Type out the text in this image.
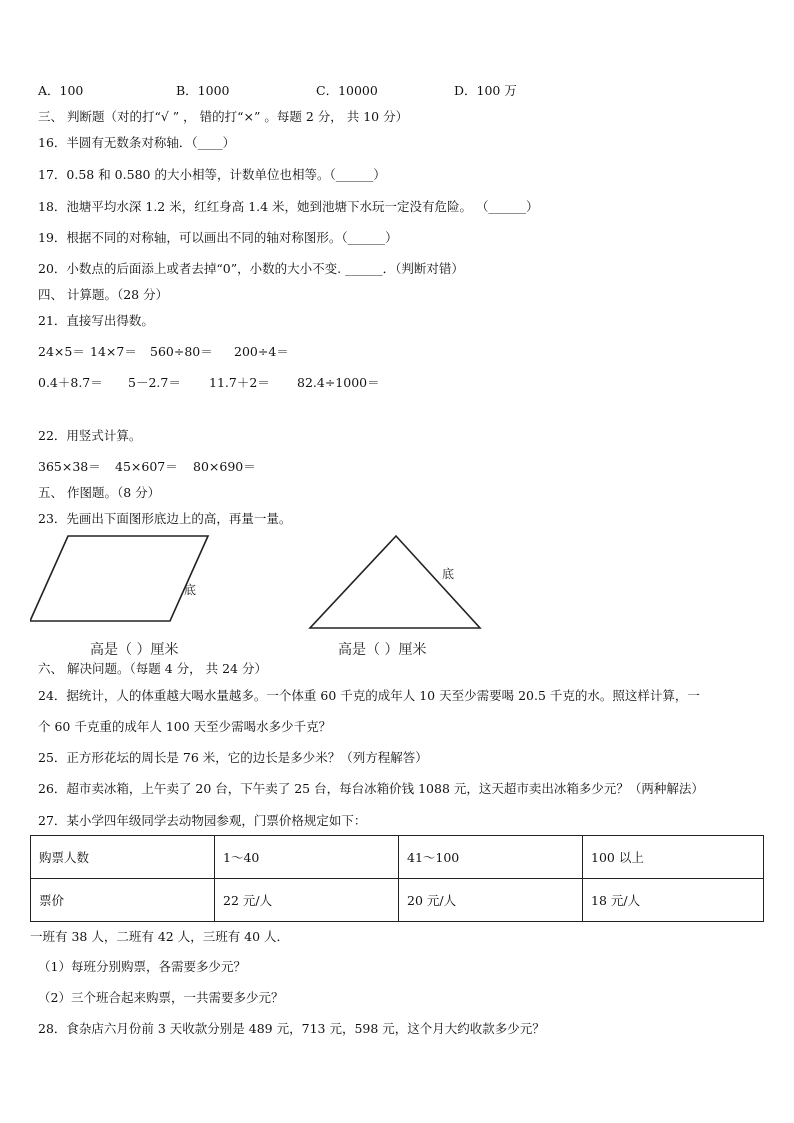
A．100	B．1000	C．10000	D．100 万
三、 判断题（对的打“√ ” ， 错的打“×” 。每题 2 分， 共 10 分）
16．半圆有无数条对称轴．（____）
17．0.58 和 0.580 的大小相等，计数单位也相等。（______）
18．池塘平均水深 1.2 米，红红身高 1.4 米，她到池塘下水玩一定没有危险。 （______）
19．根据不同的对称轴，可以画出不同的轴对称图形。（______）
20．小数点的后面添上或者去掉“0”，小数的大小不变. ______．（判断对错）
四、 计算题。（28 分）
21．直接写出得数。
24×5＝ 14×7＝ 560÷80＝ 200÷4＝
0.4＋8.7＝ 5－2.7＝ 11.7＋2＝ 82.4÷1000＝
22．用竖式计算。
365×38＝ 45×607＝ 80×690＝
五、 作图题。（8 分）
23．先画出下面图形底边上的高，再量一量。
底
高是（ ）厘米
底
高是（ ）厘米
六、 解决问题。（每题 4 分， 共 24 分）
24．据统计，人的体重越大喝水量越多。一个体重 60 千克的成年人 10 天至少需要喝 20.5 千克的水。照这样计算，一
个 60 千克重的成年人 100 天至少需喝水多少千克？
25．正方形花坛的周长是 76 米，它的边长是多少米？（列方程解答）
26．超市卖冰箱，上午卖了 20 台，下午卖了 25 台，每台冰箱价钱 1088 元，这天超市卖出冰箱多少元？（两种解法）
27．某小学四年级同学去动物园参观，门票价格规定如下：
购票人数	1～40	41～100	100 以上
票价	22 元/人	20 元/人	18 元/人
一班有 38 人，二班有 42 人，三班有 40 人．
（1）每班分别购票，各需要多少元？
（2）三个班合起来购票，一共需要多少元？
28．食杂店六月份前 3 天收款分别是 489 元，713 元，598 元，这个月大约收款多少元？
